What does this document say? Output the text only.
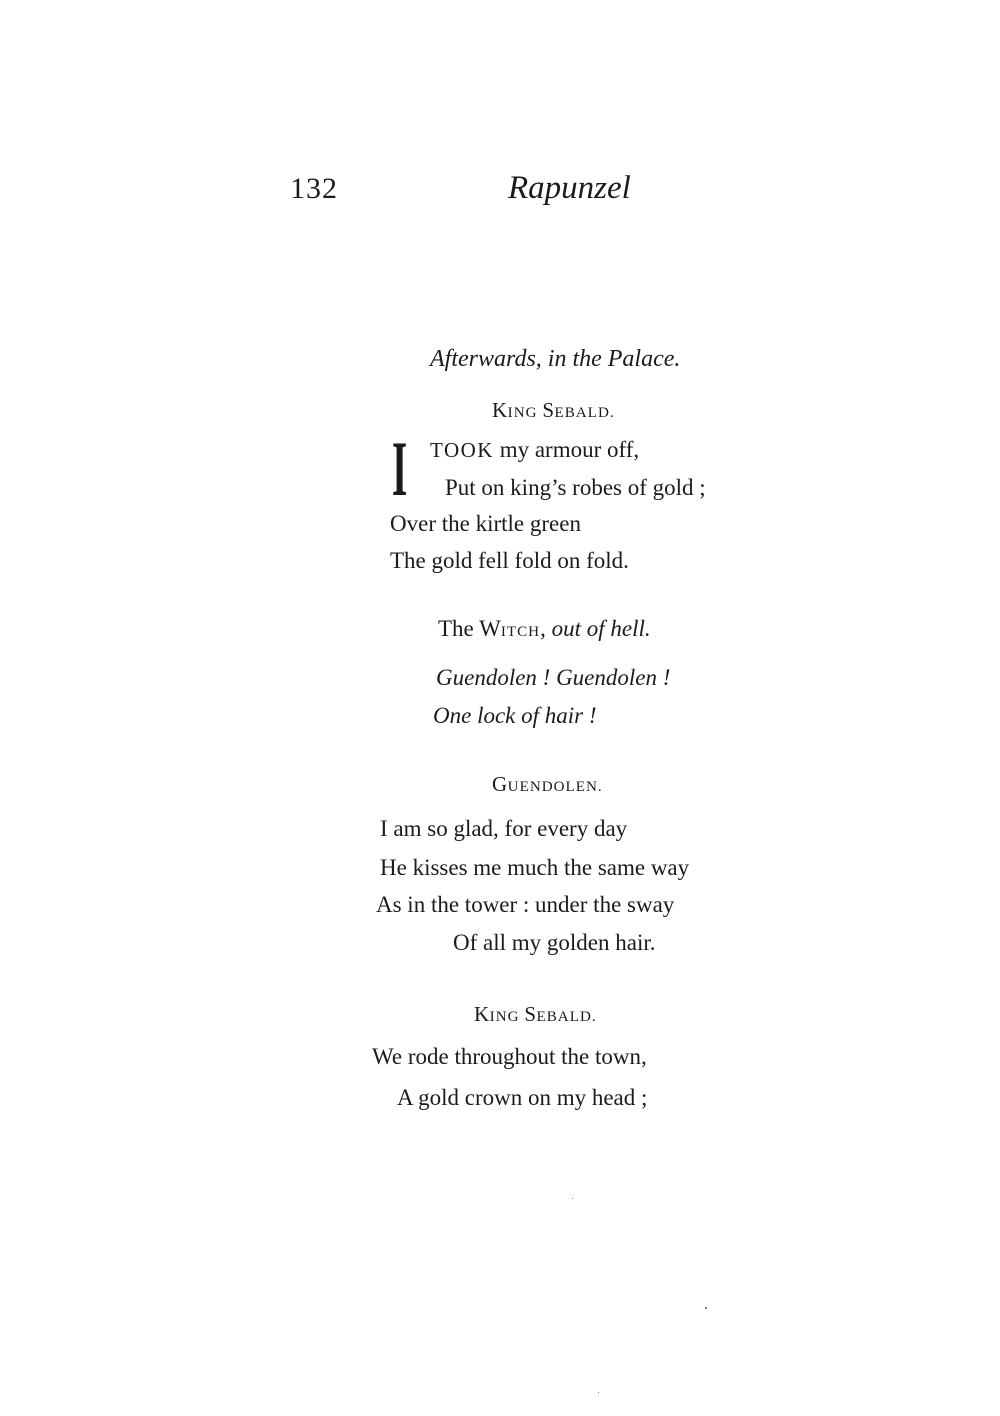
132	Rapunzel
Afterwards, in the Palace.
KING SEBALD.
I TOOK my armour off,
Put on king’s robes of gold ;
Over the kirtle green
The gold fell fold on fold.
The WITCH, out of hell.
Guendolen ! Guendolen !
One lock of hair !
GUENDOLEN.
I am so glad, for every day
He kisses me much the same way
As in the tower : under the sway
Of all my golden hair.
KING SEBALD.
We rode throughout the town,
A gold crown on my head ;
